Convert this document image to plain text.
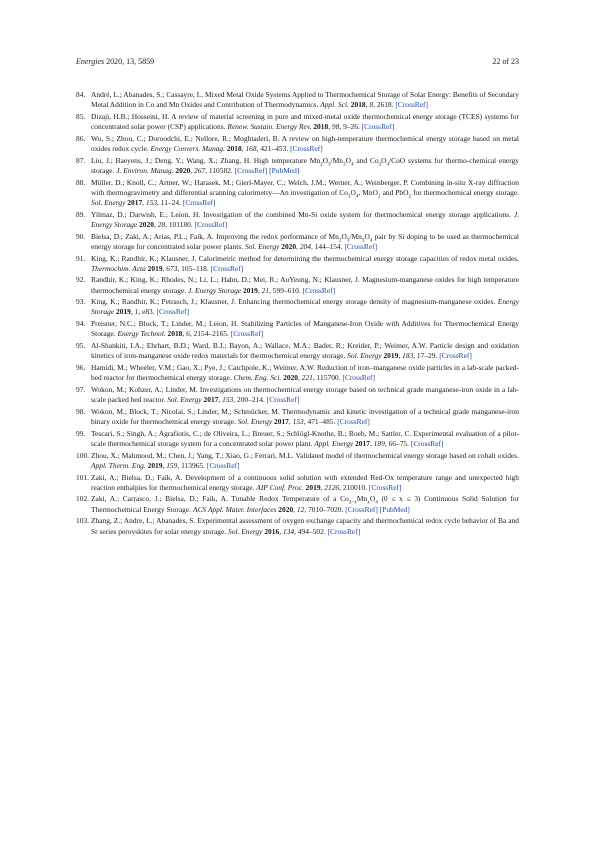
Energies 2020, 13, 5859	22 of 23
84. André, L.; Abanades, S.; Cassayre, L. Mixed Metal Oxide Systems Applied to Thermochemical Storage of Solar Energy: Benefits of Secondary Metal Addition in Co and Mn Oxides and Contribution of Thermodynamics. Appl. Sci. 2018, 8, 2618. [CrossRef]
85. Dizaji, H.B.; Hosseini, H. A review of material screening in pure and mixed-metal oxide thermochemical energy storage (TCES) systems for concentrated solar power (CSP) applications. Renew. Sustain. Energy Rev. 2018, 98, 9–26. [CrossRef]
86. Wu, S.; Zhou, C.; Doroodchi, E.; Nellore, R.; Moghtaderi, B. A review on high-temperature thermochemical energy storage based on metal oxides redox cycle. Energy Convers. Manag. 2018, 168, 421–453. [CrossRef]
87. Liu, J.; Baeyens, J.; Deng, Y.; Wang, X.; Zhang, H. High temperature $Mn_2O_3/Mn_3O_4$ and $Co_3O_4$/CoO systems for thermo-chemical energy storage. J. Environ. Manag. 2020, 267, 110582. [CrossRef] [PubMed]
88. Müller, D.; Knoll, C.; Artner, W.; Harasek, M.; Gierl-Mayer, C.; Welch, J.M.; Werner, A.; Weinberger, P. Combining in-situ X-ray diffraction with thermogravimetry and differential scanning calorimetry—An investigation of $Co_3O_4$, MnO$_2$ and PbO$_2$ for thermochemical energy storage. Sol. Energy 2017, 153, 11–24. [CrossRef]
89. Yilmaz, D.; Darwish, E.; Leion, H. Investigation of the combined Mn-Si oxide system for thermochemical energy storage applications. J. Energy Storage 2020, 28, 101180. [CrossRef]
90. Bielsa, D.; Zaki, A.; Arias, P.L.; Faik, A. Improving the redox performance of $Mn_2O_3/Mn_3O_4$ pair by Si doping to be used as thermochemical energy storage for concentrated solar power plants. Sol. Energy 2020, 204, 144–154. [CrossRef]
91. King, K.; Randhir, K.; Klausner, J. Calorimetric method for determining the thermochemical energy storage capacities of redox metal oxides. Thermochim. Acta 2019, 673, 105–118. [CrossRef]
92. Randhir, K.; King, K.; Rhodes, N.; Li, L.; Hahn, D.; Mei, R.; AuYeung, N.; Klausner, J. Magnesium-manganese oxides for high temperature thermochemical energy storage. J. Energy Storage 2019, 21, 599–610. [CrossRef]
93. King, K.; Randhir, K.; Petrasch, J.; Klausner, J. Enhancing thermochemical energy storage density of magnesium-manganese oxides. Energy Storage 2019, 1, e83. [CrossRef]
94. Preisner, N.C.; Block, T.; Linder, M.; Leion, H. Stabilizing Particles of Manganese-Iron Oxide with Additives for Thermochemical Energy Storage. Energy Technol. 2018, 6, 2154–2165. [CrossRef]
95. Al-Shankiti, I.A.; Ehrhart, B.D.; Ward, B.J.; Bayon, A.; Wallace, M.A.; Bader, R.; Kreider, P.; Weimer, A.W. Particle design and oxidation kinetics of iron-manganese oxide redox materials for thermochemical energy storage. Sol. Energy 2019, 183, 17–29. [CrossRef]
96. Hamidi, M.; Wheeler, V.M.; Gao, X.; Pye, J.; Catchpole, K.; Weimer, A.W. Reduction of iron–manganese oxide particles in a lab-scale packed-bed reactor for thermochemical energy storage. Chem. Eng. Sci. 2020, 221, 115700. [CrossRef]
97. Wokon, M.; Kohzer, A.; Linder, M. Investigations on thermochemical energy storage based on technical grade manganese-iron oxide in a lab-scale packed bed reactor. Sol. Energy 2017, 153, 200–214. [CrossRef]
98. Wokon, M.; Block, T.; Nicolai, S.; Linder, M.; Schmücker, M. Thermodynamic and kinetic investigation of a technical grade manganese-iron binary oxide for thermochemical energy storage. Sol. Energy 2017, 153, 471–485. [CrossRef]
99. Tescari, S.; Singh, A.; Agrafiotis, C.; de Oliveira, L.; Breuer, S.; Schlögl-Knothe, B.; Roeb, M.; Sattler, C. Experimental evaluation of a pilot-scale thermochemical storage system for a concentrated solar power plant. Appl. Energy 2017, 189, 66–75. [CrossRef]
100. Zhou, X.; Mahmood, M.; Chen, J.; Yang, T.; Xiao, G.; Ferrari, M.L. Validated model of thermochemical energy storage based on cobalt oxides. Appl. Therm. Eng. 2019, 159, 113965. [CrossRef]
101. Zaki, A.; Bielsa, D.; Faik, A. Development of a continuous solid solution with extended Red-Ox temperature range and unexpected high reaction enthalpies for thermochemical energy storage. AIP Conf. Proc. 2019, 2126, 210010. [CrossRef]
102. Zaki, A.; Carrasco, J.; Bielsa, D.; Faik, A. Tunable Redox Temperature of a $Co_{3-x}Mn_xO_4$ (0 ≤ x ≤ 3) Continuous Solid Solution for Thermochemical Energy Storage. ACS Appl. Mater. Interfaces 2020, 12, 7010–7020. [CrossRef] [PubMed]
103. Zhang, Z.; Andre, L.; Abanades, S. Experimental assessment of oxygen exchange capacity and thermochemical redox cycle behavior of Ba and Sr series perovskites for solar energy storage. Sol. Energy 2016, 134, 494–502. [CrossRef]
